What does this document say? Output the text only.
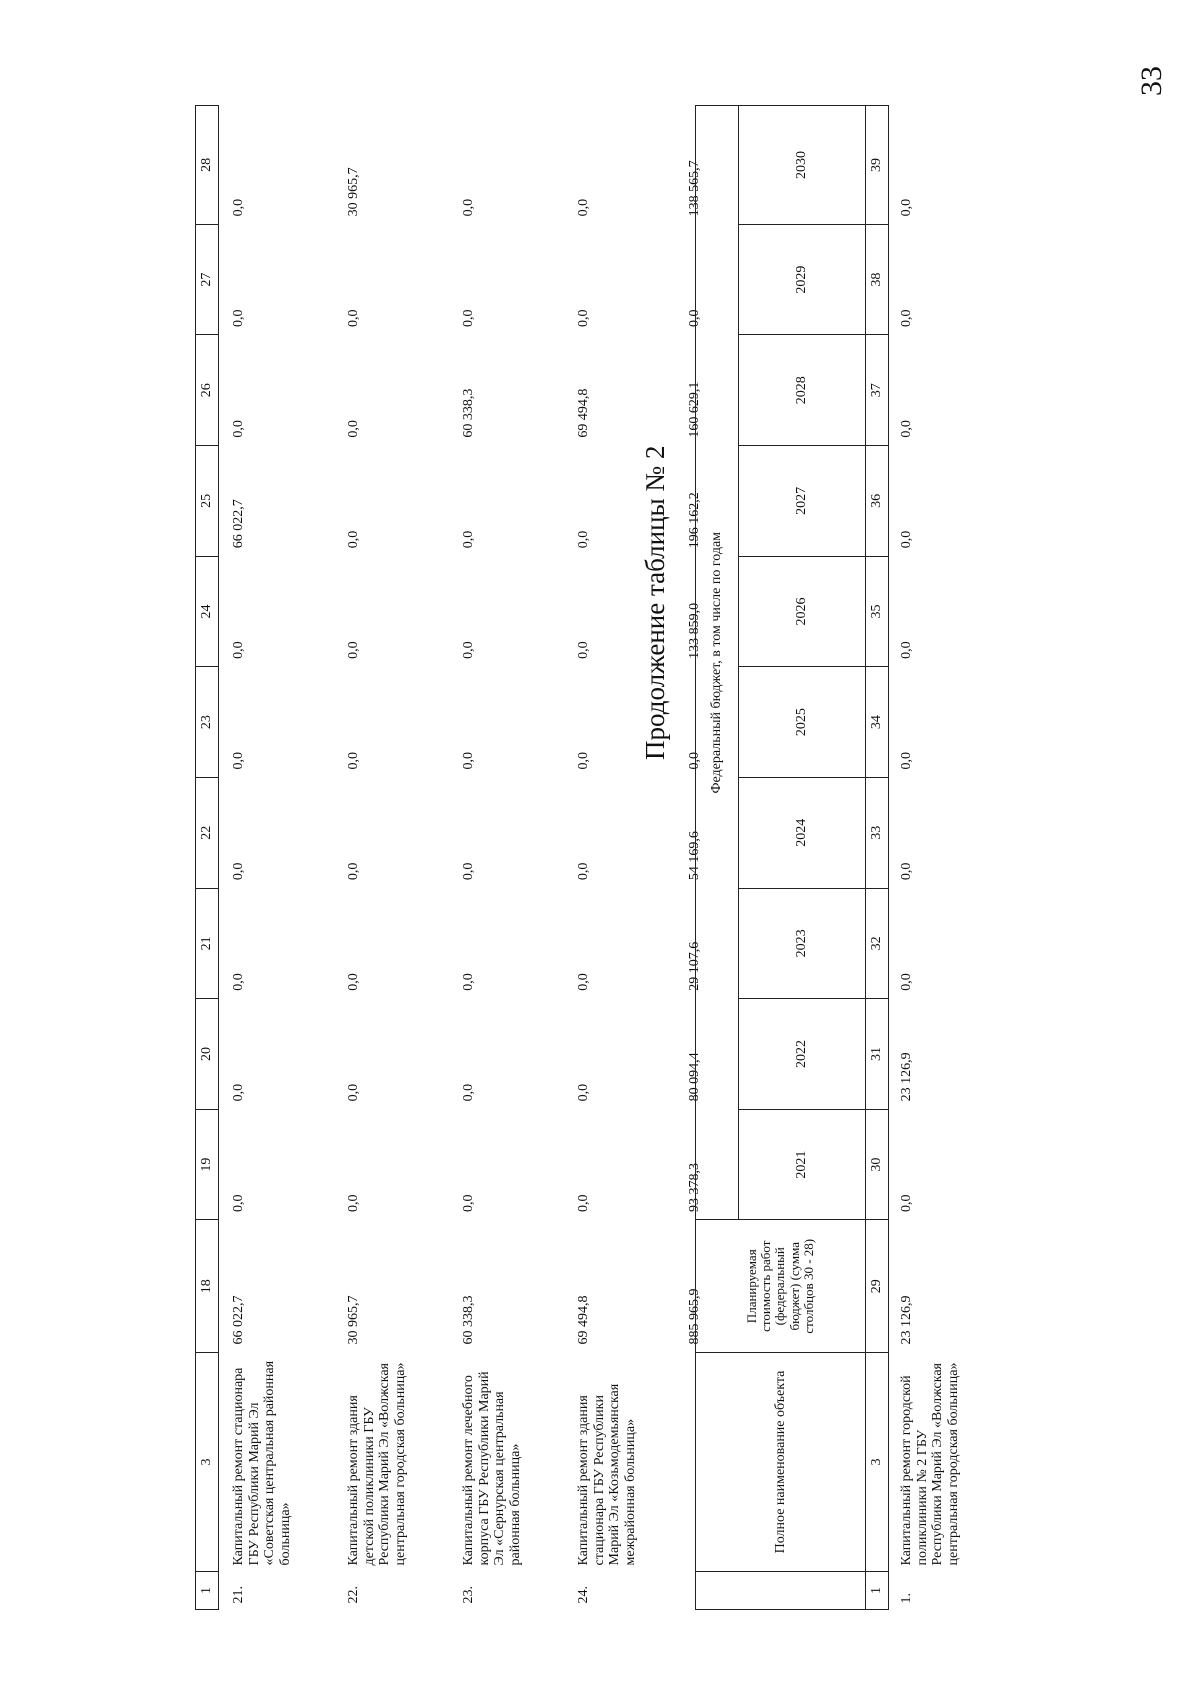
33
1	3	18	19	20	21	22	23	24	25	26	27	28
21.	Капитальный ремонт стационара ГБУ Республики Марий Эл «Советская центральная районная больница»	66 022,7	0,0	0,0	0,0	0,0	0,0	0,0	66 022,7	0,0	0,0	0,0
22.	Капитальный ремонт здания детской поликлиники ГБУ Республики Марий Эл «Волжская центральная городская больница»	30 965,7	0,0	0,0	0,0	0,0	0,0	0,0	0,0	0,0	0,0	30 965,7
23.	Капитальный ремонт лечебного корпуса ГБУ Республики Марий Эл «Сернурская центральная районная больница»	60 338,3	0,0	0,0	0,0	0,0	0,0	0,0	0,0	60 338,3	0,0	0,0
24.	Капитальный ремонт здания стационара ГБУ Республики Марий Эл «Козьмодемьянская межрайонная больница»	69 494,8	0,0	0,0	0,0	0,0	0,0	0,0	0,0	69 494,8	0,0	0,0
		885 965,9	93 378,3	80 094,4	29 107,6	54 169,6	0,0	133 859,0	196 162,2	160 629,1	0,0	138 565,7
Продолжение таблицы № 2
	Полное наименование объекта	Планируемая стоимость работ (федеральный бюджет) (сумма столбцов 30 - 28)	Федеральный бюджет, в том числе по годам									
			2021	2022	2023	2024	2025	2026	2027	2028	2029	2030
1	3	29	30	31	32	33	34	35	36	37	38	39
1.	Капитальный ремонт городской поликлиники № 2 ГБУ Республики Марий Эл «Волжская центральная городская больница»	23 126,9	0,0	23 126,9	0,0	0,0	0,0	0,0	0,0	0,0	0,0	0,0
